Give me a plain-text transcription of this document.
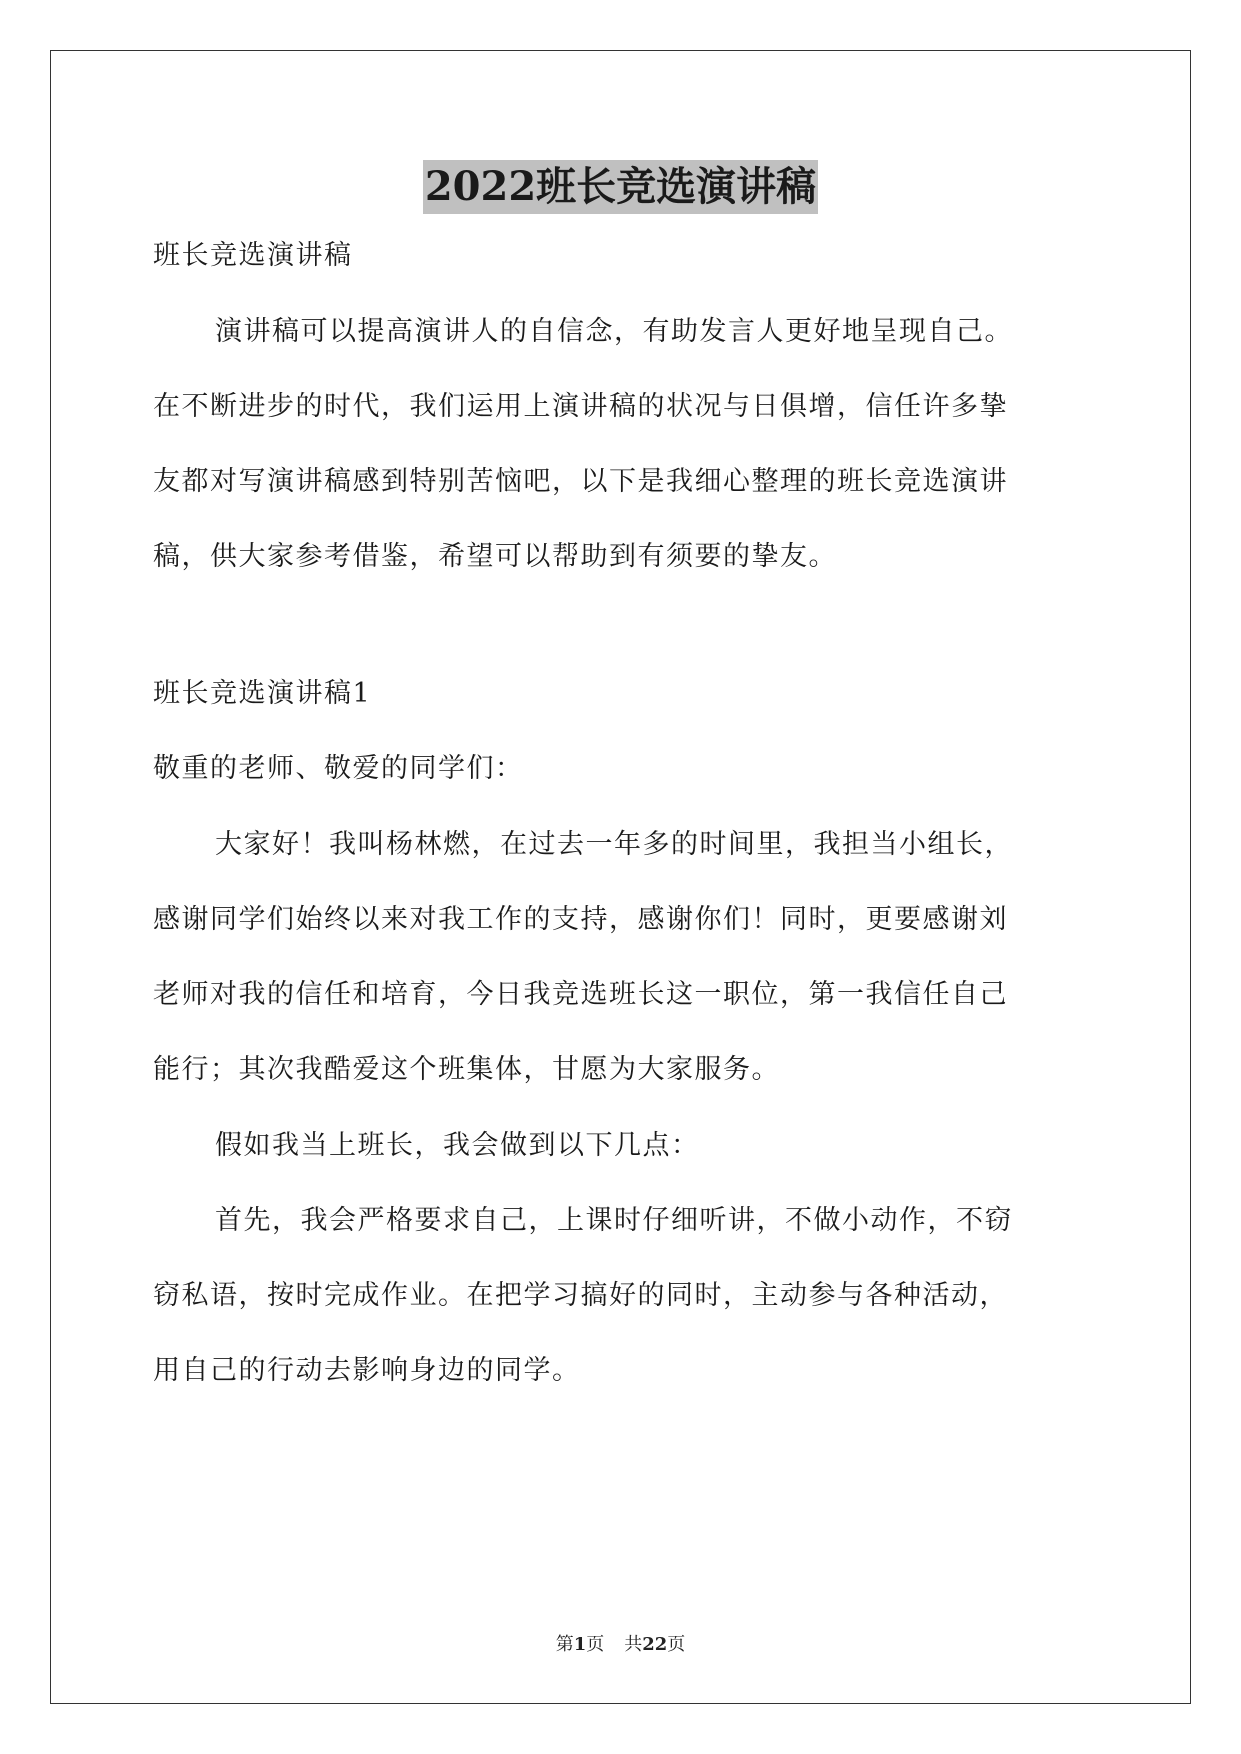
2022班长竞选演讲稿
班长竞选演讲稿
演讲稿可以提高演讲人的自信念，有助发言人更好地呈现自己。
在不断进步的时代，我们运用上演讲稿的状况与日俱增，信任许多挚
友都对写演讲稿感到特别苦恼吧，以下是我细心整理的班长竞选演讲
稿，供大家参考借鉴，希望可以帮助到有须要的挚友。
班长竞选演讲稿1
敬重的老师、敬爱的同学们：
大家好！我叫杨林燃，在过去一年多的时间里，我担当小组长，
感谢同学们始终以来对我工作的支持，感谢你们！同时，更要感谢刘
老师对我的信任和培育，今日我竞选班长这一职位，第一我信任自己
能行；其次我酷爱这个班集体，甘愿为大家服务。
假如我当上班长，我会做到以下几点：
首先，我会严格要求自己，上课时仔细听讲，不做小动作，不窃
窃私语，按时完成作业。在把学习搞好的同时，主动参与各种活动，
用自己的行动去影响身边的同学。
第1页 共22页
